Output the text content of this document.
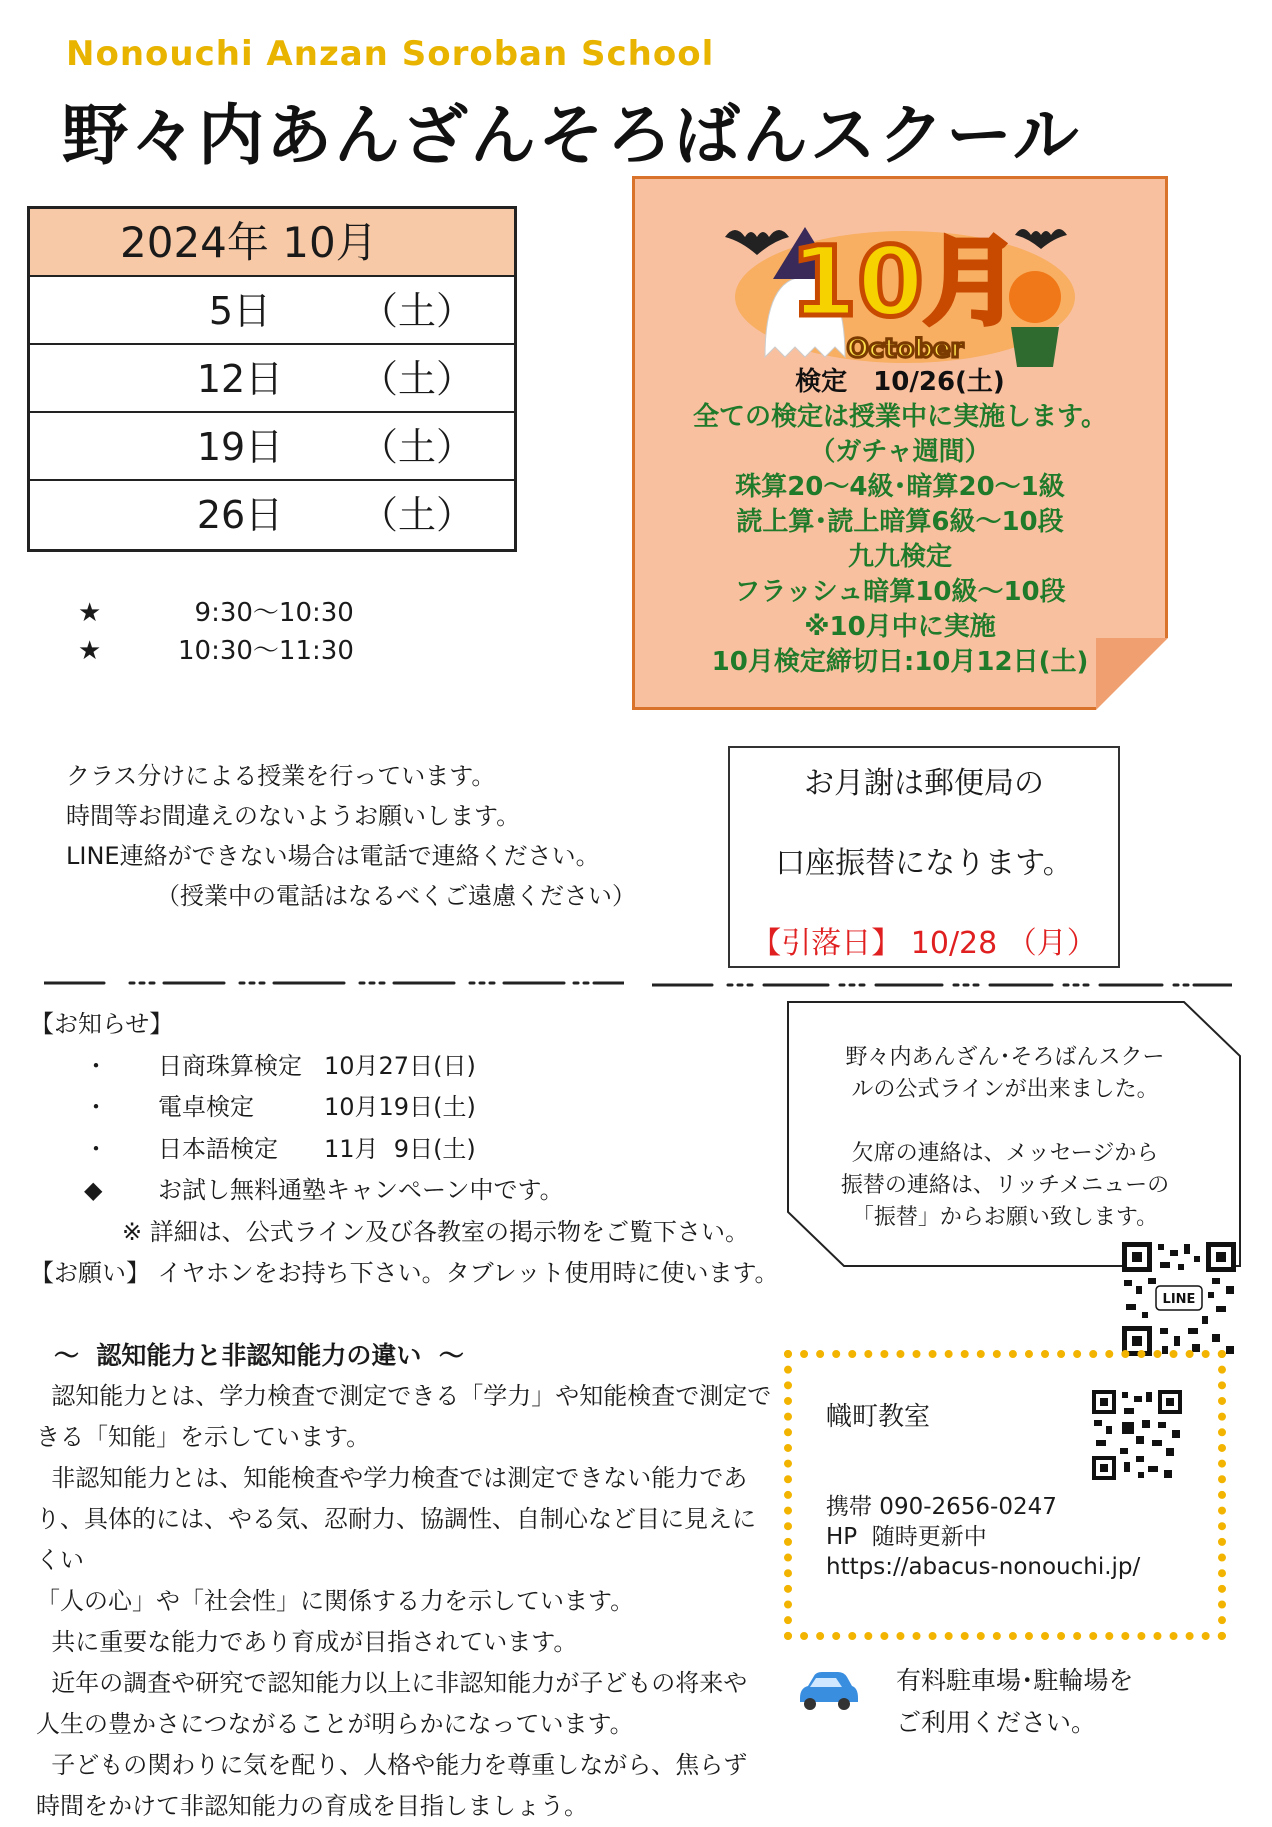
Nonouchi Anzan Soroban School
野々内あんざんそろばんスクール
2024年 10月
5日	（土）
12日	（土）
19日	（土）
26日	（土）
★	9:30～10:30
★	10:30～11:30
10月
October
検定　10/26(土)
全ての検定は授業中に実施します。
（ガチャ週間）
珠算20～4級･暗算20～1級
読上算･読上暗算6級～10段
九九検定
フラッシュ暗算10級～10段
※10月中に実施
10月検定締切日:10月12日(土)
クラス分けによる授業を行っています。
時間等お間違えのないようお願いします。
LINE連絡ができない場合は電話で連絡ください。
（授業中の電話はなるべくご遠慮ください）
お月謝は郵便局の
口座振替になります。
【引落日】 10/28 （月）
【お知らせ】
・ 日商珠算検定 10月27日(日)
・ 電卓検定	10月19日(土)
・ 日本語検定 11月  9日(土)
◆ お試し無料通塾キャンペーン中です。
※ 詳細は、公式ライン及び各教室の掲示物をご覧下さい。
【お願い】 イヤホンをお持ち下さい。タブレット使用時に使います。
野々内あんざん･そろばんスクー
ルの公式ラインが出来ました。
欠席の連絡は、メッセージから
振替の連絡は、リッチメニューの
「振替」からお願い致します。
LINE
～  認知能力と非認知能力の違い  ～
認知能力とは、学力検査で測定できる「学力」や知能検査で測定で
きる「知能」を示しています。
非認知能力とは、知能検査や学力検査では測定できない能力であ
り、具体的には、やる気、忍耐力、協調性、自制心など目に見えにくい
「人の心」や「社会性」に関係する力を示しています。
共に重要な能力であり育成が目指されています。
近年の調査や研究で認知能力以上に非認知能力が子どもの将来や
人生の豊かさにつながることが明らかになっています。
子どもの関わりに気を配り、人格や能力を尊重しながら、焦らず
時間をかけて非認知能力の育成を目指しましょう。
幟町教室
携帯 090-2656-0247
HP  随時更新中
https://abacus-nonouchi.jp/
有料駐車場･駐輪場を
ご利用ください。
